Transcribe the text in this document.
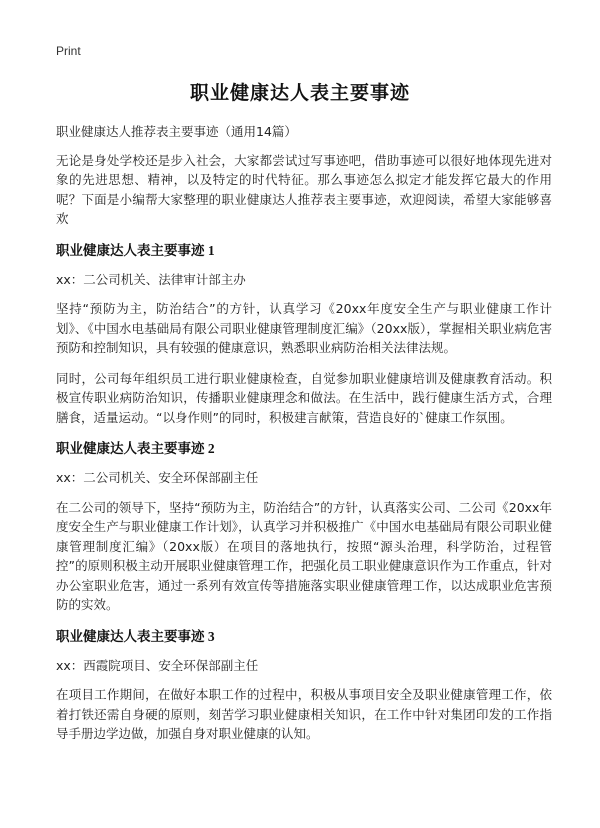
Print
职业健康达人表主要事迹

职业健康达人推荐表主要事迹（通用14篇）

无论是身处学校还是步入社会，大家都尝试过写事迹吧，借助事迹可以很好地体现先进对象的先进思想、精神，以及特定的时代特征。那么事迹怎么拟定才能发挥它最大的作用呢？下面是小编帮大家整理的职业健康达人推荐表主要事迹，欢迎阅读，希望大家能够喜欢

职业健康达人表主要事迹 1

xx：二公司机关、法律审计部主办

坚持“预防为主，防治结合”的方针，认真学习《20xx年度安全生产与职业健康工作计划》、《中国水电基础局有限公司职业健康管理制度汇编》（20xx版），掌握相关职业病危害预防和控制知识，具有较强的健康意识，熟悉职业病防治相关法律法规。

同时，公司每年组织员工进行职业健康检查，自觉参加职业健康培训及健康教育活动。积极宣传职业病防治知识，传播职业健康理念和做法。在生活中，践行健康生活方式，合理膳食，适量运动。“以身作则”的同时，积极建言献策，营造良好的`健康工作氛围。

职业健康达人表主要事迹 2

xx：二公司机关、安全环保部副主任

在二公司的领导下，坚持“预防为主，防治结合”的方针，认真落实公司、二公司《20xx年度安全生产与职业健康工作计划》，认真学习并积极推广《中国水电基础局有限公司职业健康管理制度汇编》（20xx版）在项目的落地执行，按照“源头治理，科学防治，过程管控”的原则积极主动开展职业健康管理工作，把强化员工职业健康意识作为工作重点，针对办公室职业危害，通过一系列有效宣传等措施落实职业健康管理工作，以达成职业危害预防的实效。

职业健康达人表主要事迹 3

xx：西霞院项目、安全环保部副主任

在项目工作期间，在做好本职工作的过程中，积极从事项目安全及职业健康管理工作，依着打铁还需自身硬的原则，刻苦学习职业健康相关知识，在工作中针对集团印发的工作指导手册边学边做，加强自身对职业健康的认知。
